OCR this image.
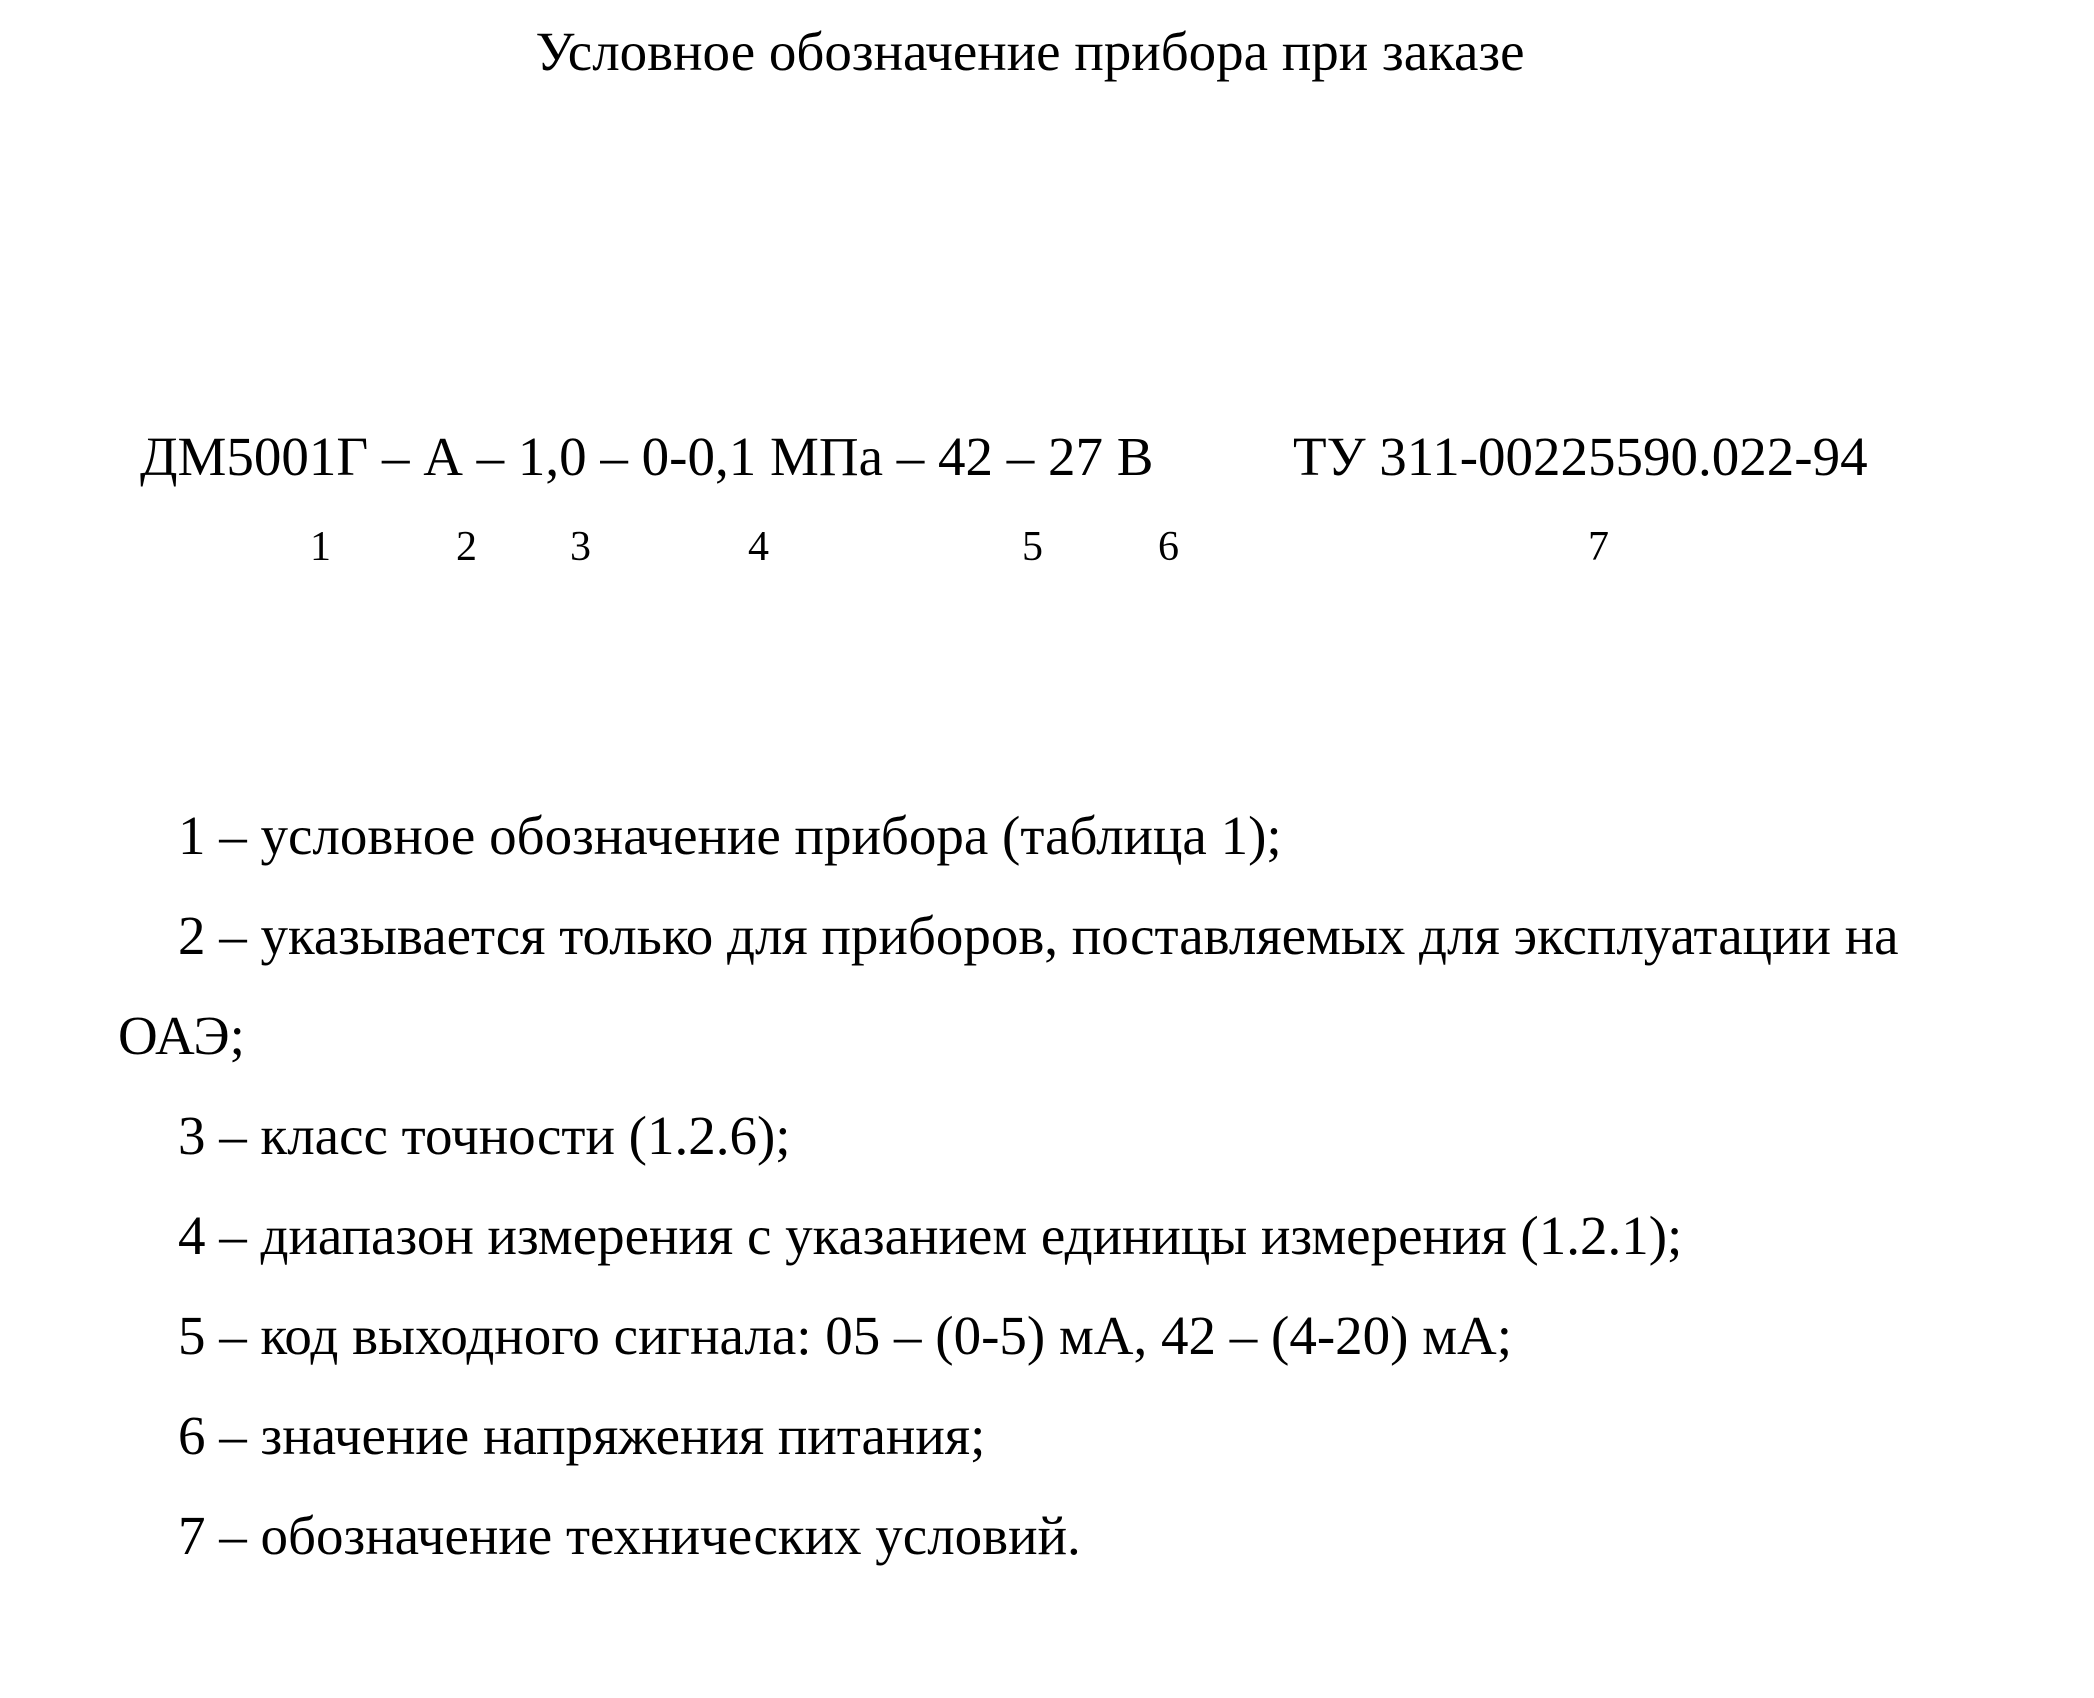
Условное обозначение прибора при заказе
ДМ5001Г – А – 1,0 – 0-0,1 МПа – 42 – 27 В	ТУ 311-00225590.022-94
1	2 3	4	5	6	7
1 – условное обозначение прибора (таблица 1);
2 – указывается только для приборов, поставляемых для эксплуатации на
ОАЭ;
3 – класс точности (1.2.6);
4 – диапазон измерения с указанием единицы измерения (1.2.1);
5 – код выходного сигнала: 05 – (0-5) мА, 42 – (4-20) мА;
6 – значение напряжения питания;
7 – обозначение технических условий.
